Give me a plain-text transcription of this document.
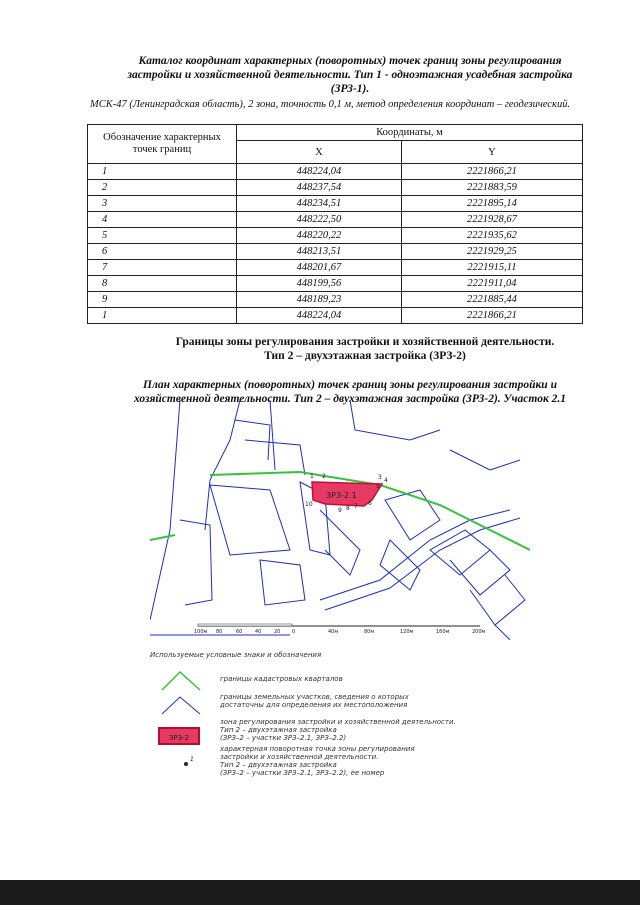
Каталог координат характерных (поворотных) точек границ зоны регулирования
застройки и хозяйственной деятельности. Тип 1 - одноэтажная усадебная застройка
(ЗРЗ-1).
МСК-47 (Ленинградская область), 2 зона, точность 0,1 м, метод определения координат – геодезический.
Обозначение характерных точек границ	Координаты, м	
	X	Y
1	448224,04	2221866,21
2	448237,54	2221883,59
3	448234,51	2221895,14
4	448222,50	2221928,67
5	448220,22	2221935,62
6	448213,51	2221929,25
7	448201,67	2221915,11
8	448199,56	2221911,04
9	448189,23	2221885,44
1	448224,04	2221866,21
Границы зоны регулирования застройки и хозяйственной деятельности.
Тип 2 – двухэтажная застройка (ЗРЗ-2)
План характерных (поворотных) точек границ зоны регулирования застройки и
хозяйственной деятельности. Тип 2 – двухэтажная застройка (ЗРЗ-2). Участок 2.1
ЗРЗ-2.1
1 2	3 4
5
6
7
8
9
10
100м 80	60	40	20 0	40м	80м	120м	160м	200м
Используемые условные знаки и обозначения
границы кадастровых кварталов
границы земельных участков, сведения о которых
достаточны для определения их местоположения
ЗРЗ-2
зона регулирования застройки и хозяйственной деятельности.
Тип 2 – двухэтажная застройка
(ЗРЗ–2 – участки ЗРЗ–2.1, ЗРЗ–2.2)
1
характерная поворотная точка зоны регулирования
застройки и хозяйственной деятельности.
Тип 2 – двухэтажная застройка
(ЗРЗ–2 – участки ЗРЗ–2.1, ЗРЗ–2.2), ее номер
